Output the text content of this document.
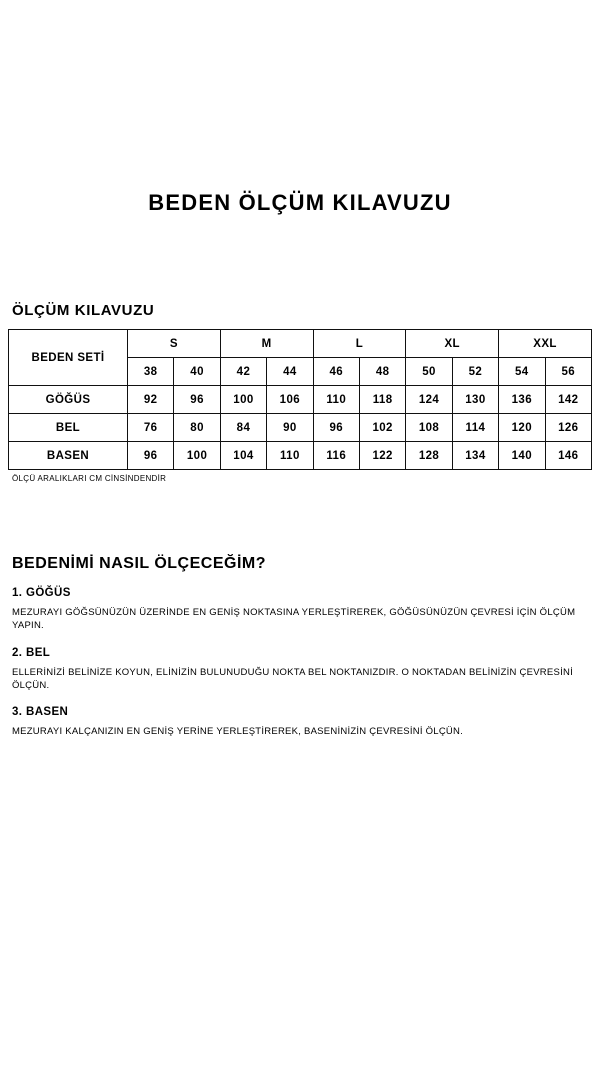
BEDEN ÖLÇÜM KILAVUZU
ÖLÇÜM KILAVUZU
BEDEN SETİ	S		M		L		XL		XXL	
	38	40	42	44	46	48	50	52	54	56
GÖĞÜS	92	96	100	106	110	118	124	130	136	142
BEL	76	80	84	90	96	102	108	114	120	126
BASEN	96	100	104	110	116	122	128	134	140	146
ÖLÇÜ ARALIKLARI CM CİNSİNDENDİR
BEDENİMİ NASIL ÖLÇECEĞİM?
1. GÖĞÜS

MEZURAYI GÖĞSÜNÜZÜN ÜZERİNDE EN GENİŞ NOKTASINA YERLEŞTİREREK, GÖĞÜSÜNÜZÜN ÇEVRESİ İÇİN ÖLÇÜM YAPIN.

2. BEL

ELLERİNİZİ BELİNİZE KOYUN, ELİNİZİN BULUNUDUĞU NOKTA BEL NOKTANIZDIR. O NOKTADAN BELİNİZİN ÇEVRESİNİ ÖLÇÜN.

3. BASEN

MEZURAYI KALÇANIZIN EN GENİŞ YERİNE YERLEŞTİREREK, BASENİNİZİN ÇEVRESİNİ ÖLÇÜN.
